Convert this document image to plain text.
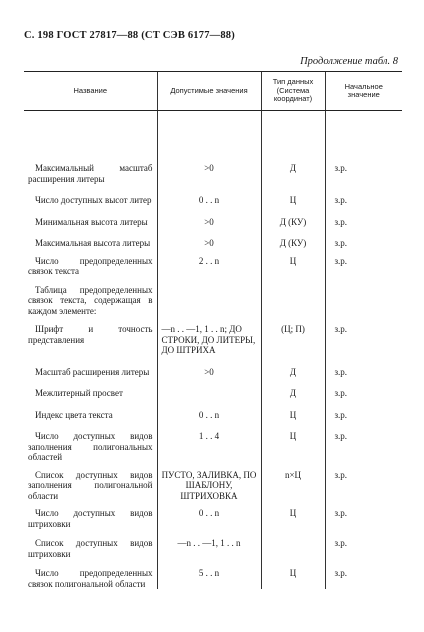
С. 198 ГОСТ 27817—88 (СТ СЭВ 6177—88)
Продолжение табл. 8
Название	Допустимые значения	Тип данных (Система координат)	Начальное значение

Максимальный масштаб расширения литеры	>0	Д	з.р.

Число доступных высот литер	0 . . n	Ц	з.р.

Минимальная высота литеры	>0	Д (КУ)	з.р.

Максимальная высота литеры	>0	Д (КУ)	з.р.

Число предопределенных связок текста	2 . . n	Ц	з.р.

Таблица предопределенных связок текста, содержащая в каждом элементе:			

Шрифт и точность представления	—n . . —1, 1 . . n; ДО СТРОКИ, ДО ЛИТЕРЫ, ДО ШТРИХА	(Ц; П)	з.р.

Масштаб расширения литеры	>0	Д	з.р.

Межлитерный просвет		Д	з.р.

Индекс цвета текста	0 . . n	Ц	з.р.

Число доступных видов заполнения полигональных областей	1 . . 4	Ц	з.р.

Список доступных видов заполнения полигональной области	ПУСТО, ЗАЛИВКА, ПО ШАБЛОНУ, ШТРИХОВКА	n×Ц	з.р.

Число доступных видов штриховки	0 . . n	Ц	з.р.

Список доступных видов штриховки	—n . . —1, 1 . . n		з.р.

Число предопределенных связок полигональной области	5 . . n	Ц	з.р.
